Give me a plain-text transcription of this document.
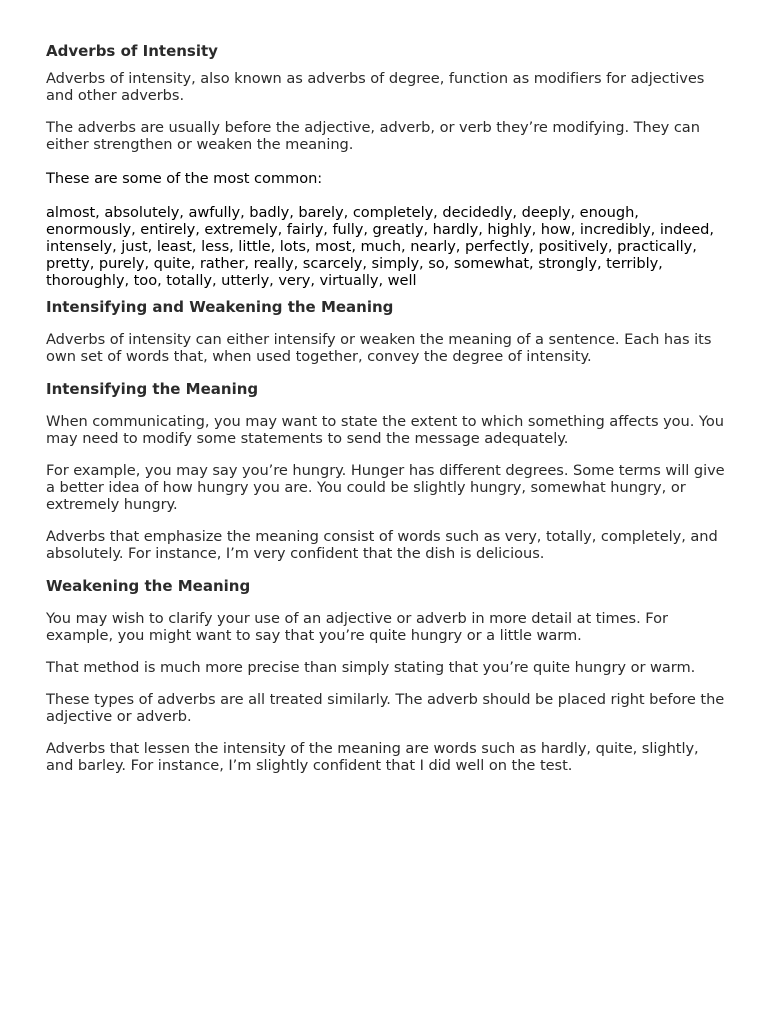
Adverbs of Intensity

Adverbs of intensity, also known as adverbs of degree, function as modifiers for adjectives and other adverbs.

The adverbs are usually before the adjective, adverb, or verb they’re modifying. They can either strengthen or weaken the meaning.

These are some of the most common:

almost, absolutely, awfully, badly, barely, completely, decidedly, deeply, enough, enormously, entirely, extremely, fairly, fully, greatly, hardly, highly, how, incredibly, indeed, intensely, just, least, less, little, lots, most, much, nearly, perfectly, positively, practically, pretty, purely, quite, rather, really, scarcely, simply, so, somewhat, strongly, terribly, thoroughly, too, totally, utterly, very, virtually, well

Intensifying and Weakening the Meaning

Adverbs of intensity can either intensify or weaken the meaning of a sentence. Each has its own set of words that, when used together, convey the degree of intensity.

Intensifying the Meaning

When communicating, you may want to state the extent to which something affects you. You may need to modify some statements to send the message adequately.

For example, you may say you’re hungry. Hunger has different degrees. Some terms will give a better idea of how hungry you are. You could be slightly hungry, somewhat hungry, or extremely hungry.

Adverbs that emphasize the meaning consist of words such as very, totally, completely, and absolutely. For instance, I’m very confident that the dish is delicious.

Weakening the Meaning

You may wish to clarify your use of an adjective or adverb in more detail at times. For example, you might want to say that you’re quite hungry or a little warm.

That method is much more precise than simply stating that you’re quite hungry or warm.

These types of adverbs are all treated similarly. The adverb should be placed right before the adjective or adverb.

Adverbs that lessen the intensity of the meaning are words such as hardly, quite, slightly, and barley. For instance, I’m slightly confident that I did well on the test.
